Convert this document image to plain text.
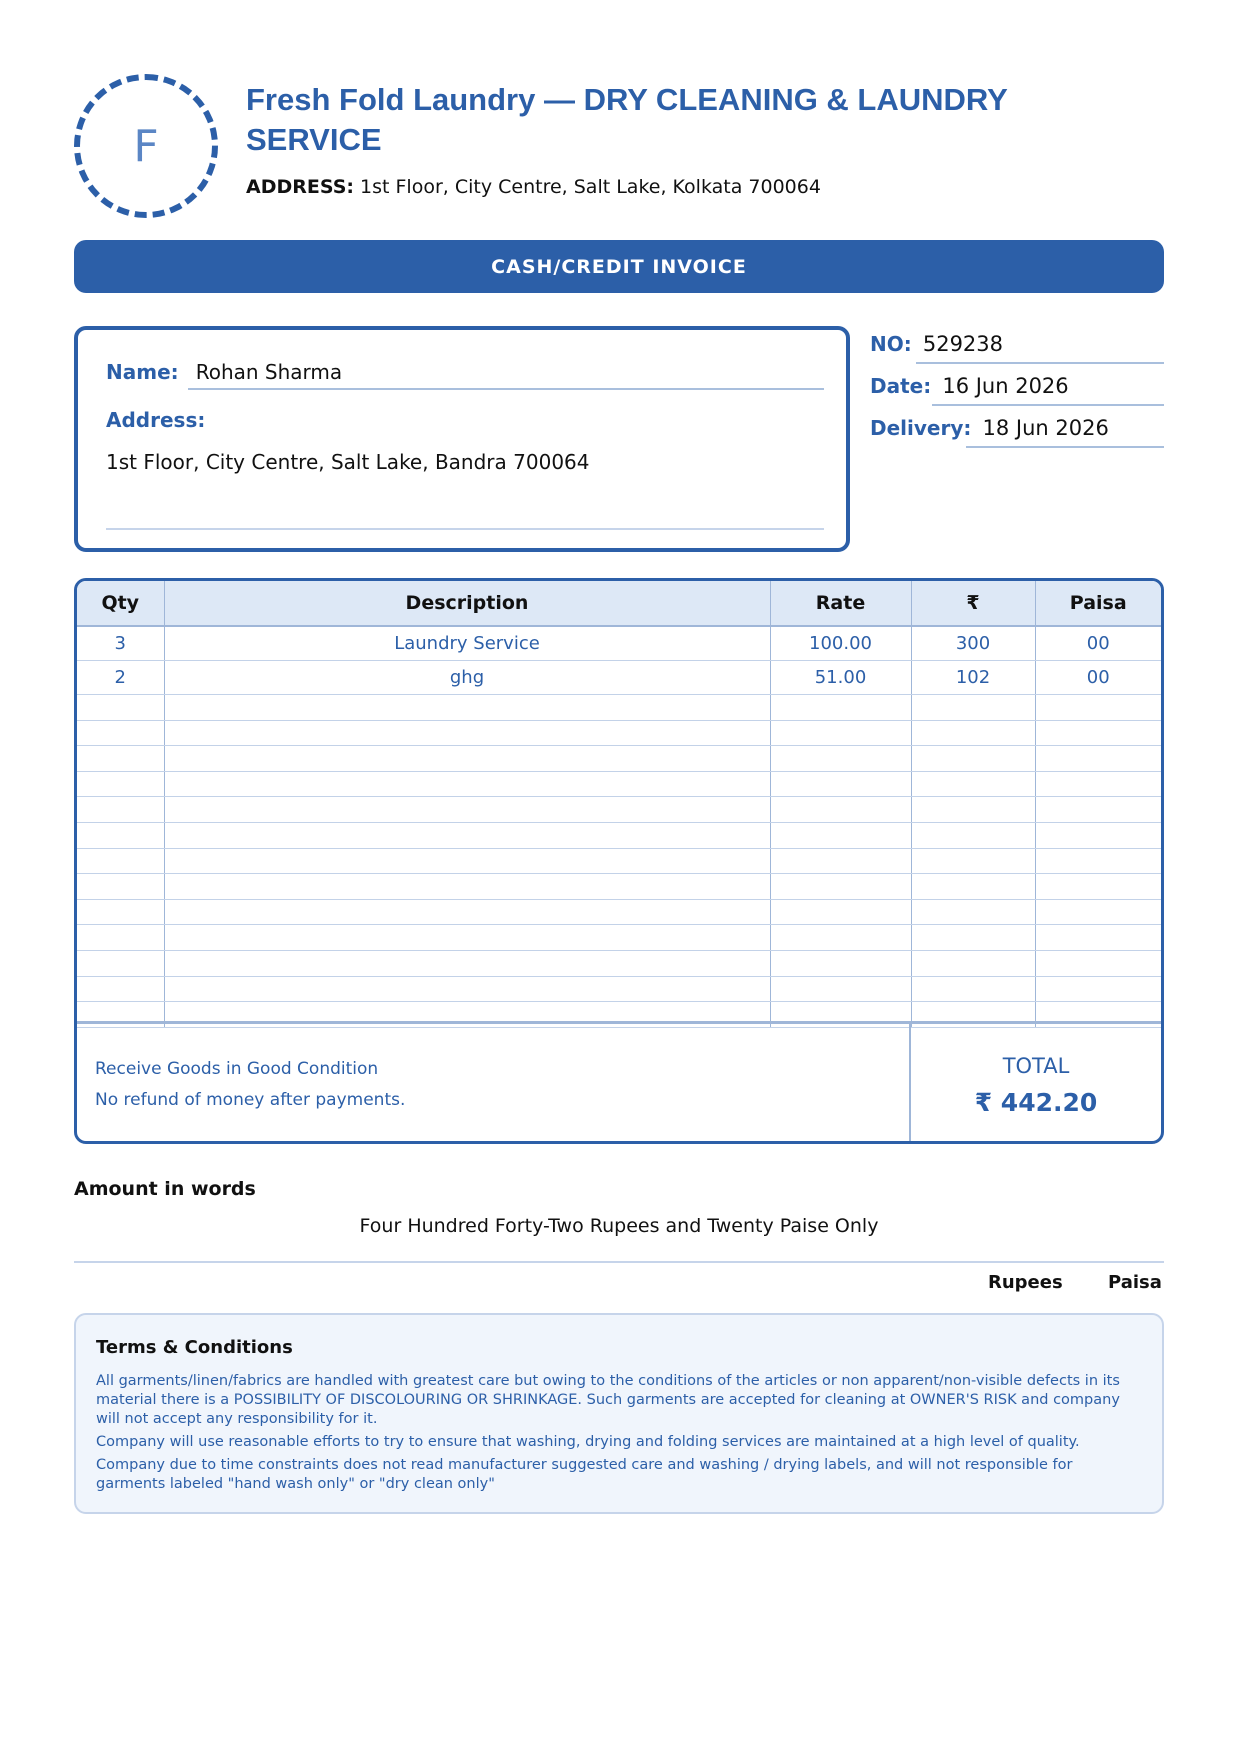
F
Fresh Fold Laundry — DRY CLEANING & LAUNDRY SERVICE
ADDRESS: 1st Floor, City Centre, Salt Lake, Kolkata 700064
CASH/CREDIT INVOICE
Name: Rohan Sharma
Address:
1st Floor, City Centre, Salt Lake, Bandra 700064
NO: 529238
Date: 16 Jun 2026
Delivery: 18 Jun 2026
Qty	Description	Rate	₹	Paisa
3	Laundry Service	100.00	300	00
2	ghg	51.00	102	00

Receive Goods in Good Condition
No refund of money after payments.
TOTAL
₹ 442.20
Amount in words
Four Hundred Forty-Two Rupees and Twenty Paise Only
Rupees	Paisa
Terms & Conditions

All garments/linen/fabrics are handled with greatest care but owing to the conditions of the articles or non apparent/non-visible defects in its material there is a POSSIBILITY OF DISCOLOURING OR SHRINKAGE. Such garments are accepted for cleaning at OWNER'S RISK and company will not accept any responsibility for it.

Company will use reasonable efforts to try to ensure that washing, drying and folding services are maintained at a high level of quality.

Company due to time constraints does not read manufacturer suggested care and washing / drying labels, and will not responsible for garments labeled "hand wash only" or "dry clean only"
